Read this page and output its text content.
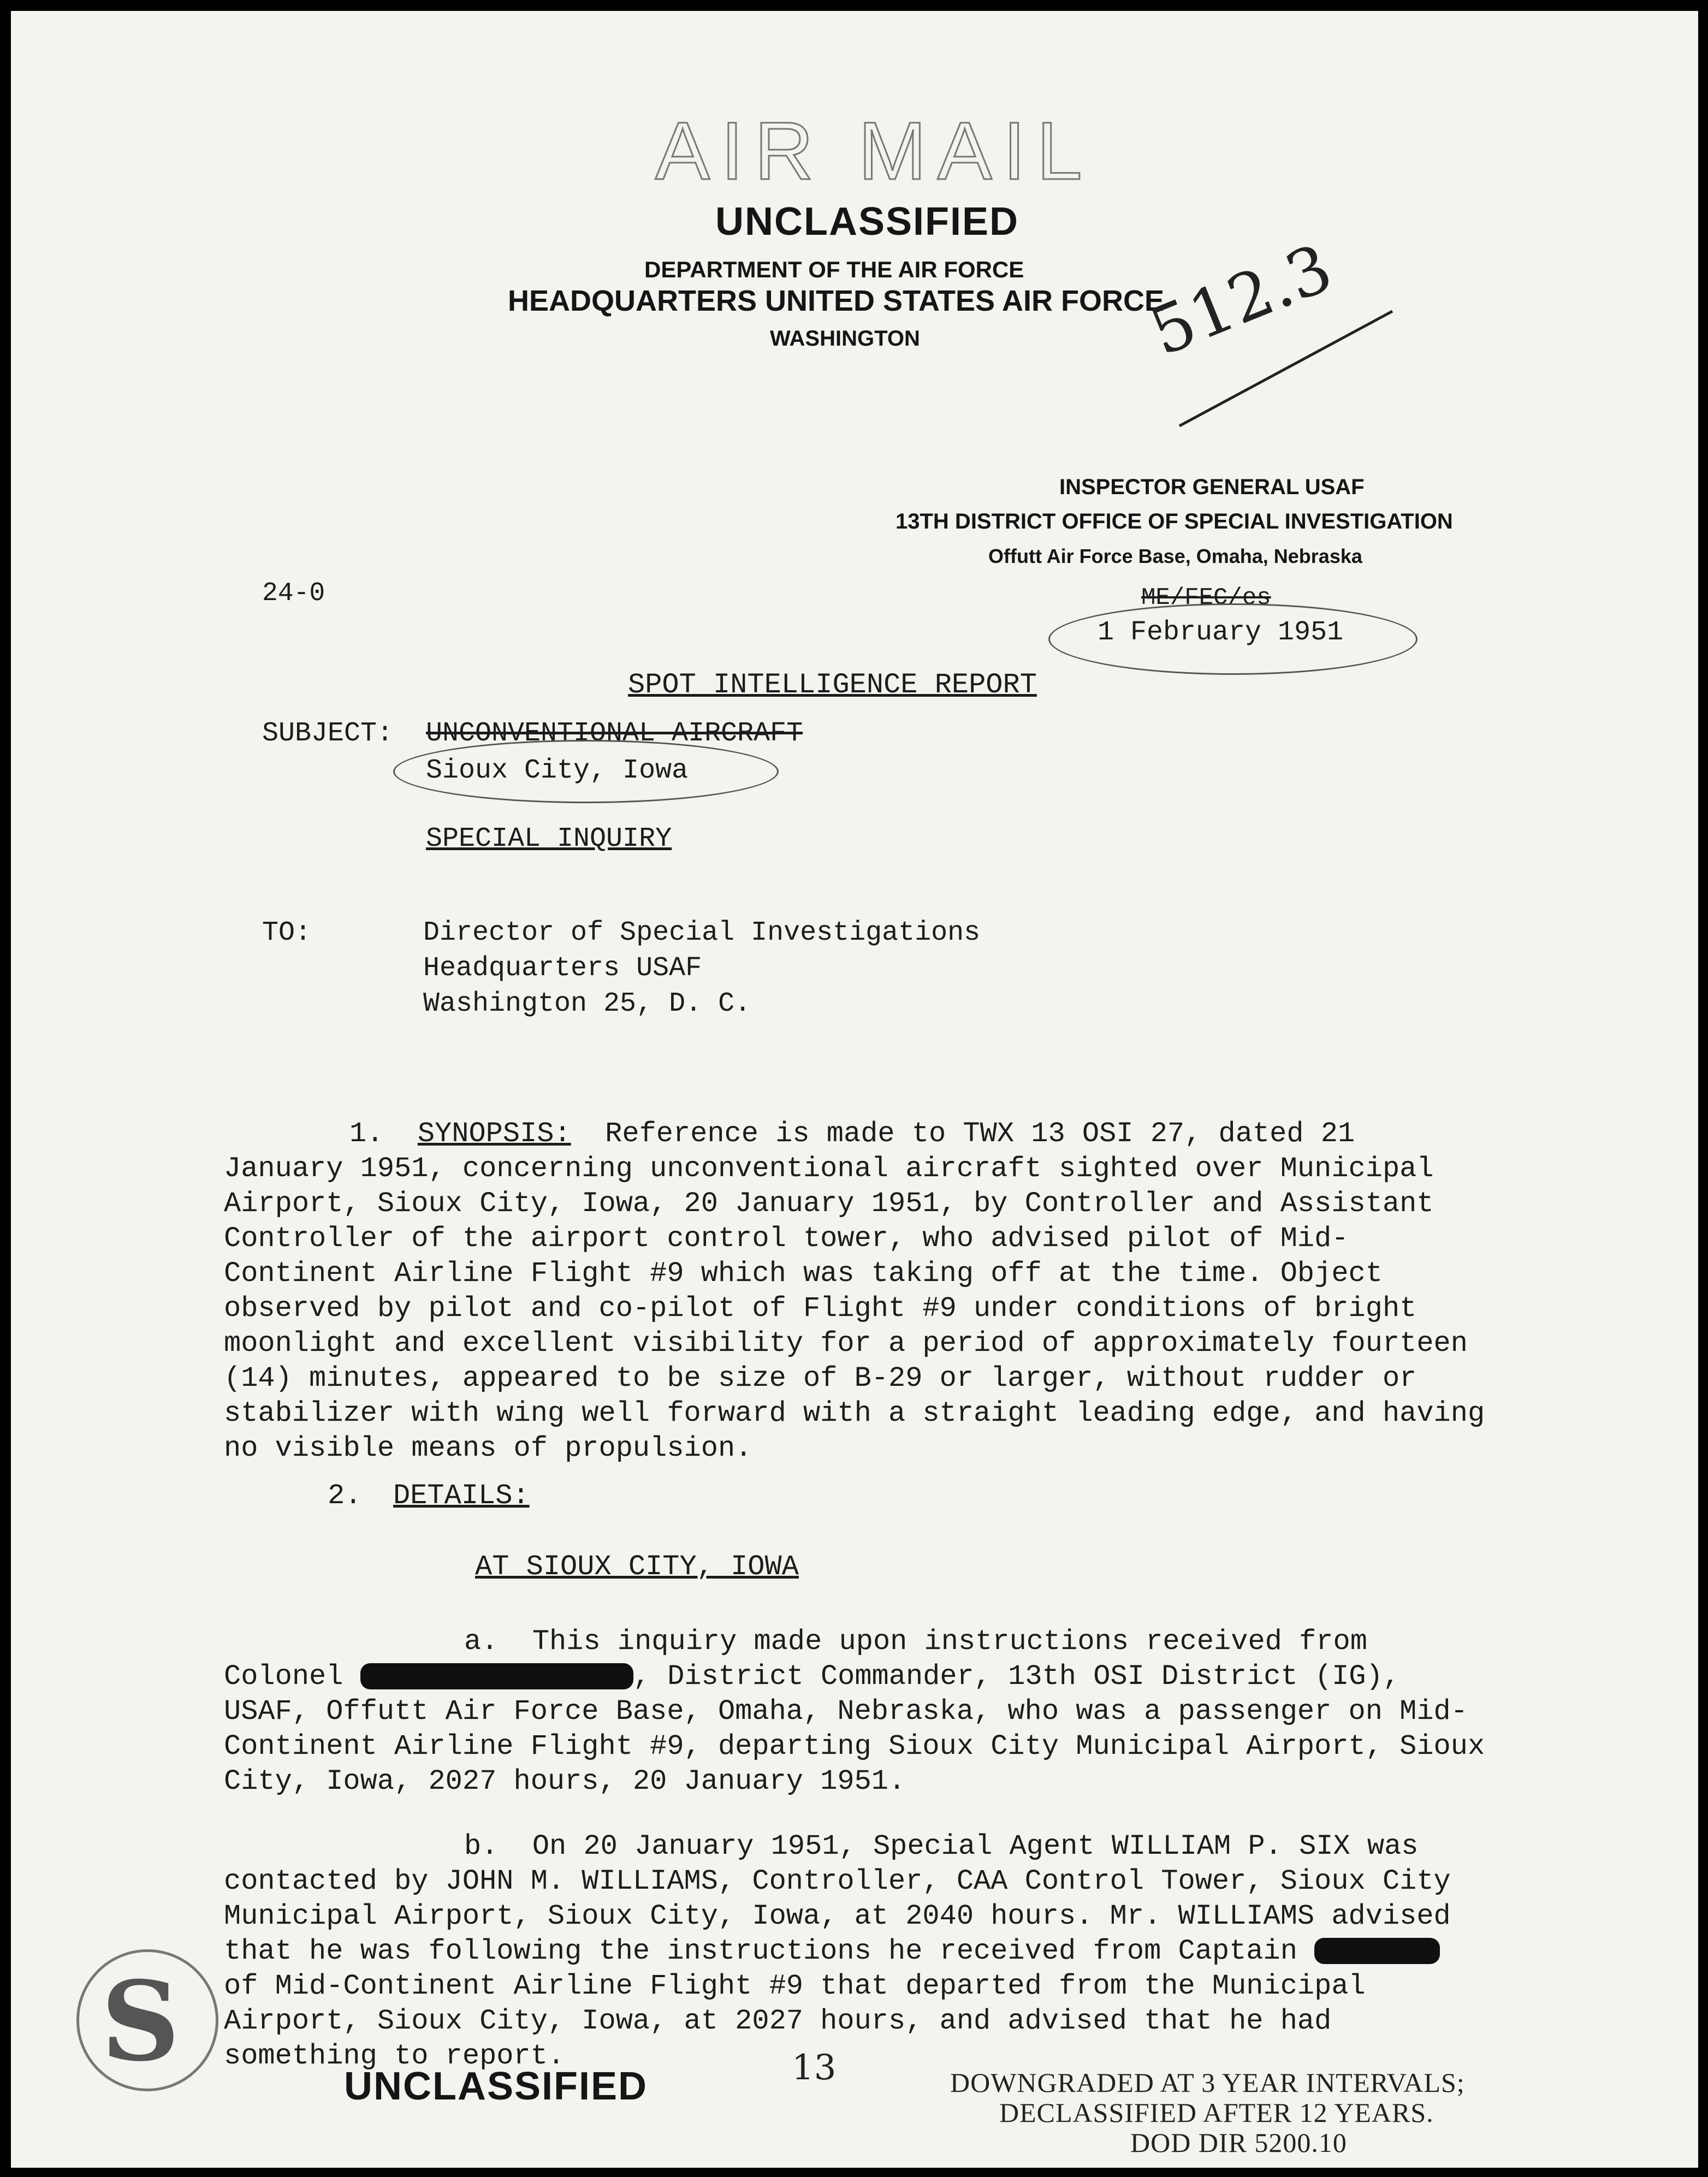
AIR MAIL
UNCLASSIFIED
DEPARTMENT OF THE AIR FORCE
HEADQUARTERS UNITED STATES AIR FORCE
WASHINGTON	512.3
INSPECTOR GENERAL USAF
13TH DISTRICT OFFICE OF SPECIAL INVESTIGATION
Offutt Air Force Base, Omaha, Nebraska
ME/FEC/es
1 February 1951
24-0
SPOT INTELLIGENCE REPORT
SUBJECT: UNCONVENTIONAL AIRCRAFT
Sioux City, Iowa
SPECIAL INQUIRY
TO:	Director of Special Investigations
Headquarters USAF
Washington 25, D. C.
1. SYNOPSIS: Reference is made to TWX 13 OSI 27, dated 21 January 1951, concerning unconventional aircraft sighted over Municipal Airport, Sioux City, Iowa, 20 January 1951, by Controller and Assistant Controller of the airport control tower, who advised pilot of Mid-Continent Airline Flight #9 which was taking off at the time. Object observed by pilot and co-pilot of Flight #9 under conditions of bright moonlight and excellent visibility for a period of approximately fourteen (14) minutes, appeared to be size of B-29 or larger, without rudder or stabilizer with wing well forward with a straight leading edge, and having no visible means of propulsion.
2. DETAILS:
AT SIOUX CITY, IOWA
a. This inquiry made upon instructions received from Colonel	, District Commander, 13th OSI District (IG), USAF, Offutt Air Force Base, Omaha, Nebraska, who was a passenger on Mid-Continent Airline Flight #9, departing Sioux City Municipal Airport, Sioux City, Iowa, 2027 hours, 20 January 1951.
b. On 20 January 1951, Special Agent WILLIAM P. SIX was contacted by JOHN M. WILLIAMS, Controller, CAA Control Tower, Sioux City Municipal Airport, Sioux City, Iowa, at 2040 hours. Mr. WILLIAMS advised that he was following the instructions he received from Captain  of Mid-Continent Airline Flight #9 that departed from the Municipal Airport, Sioux City, Iowa, at 2027 hours, and advised that he had something to report.
S
UNCLASSIFIED	13	DOWNGRADED AT 3 YEAR INTERVALS;
DECLASSIFIED AFTER 12 YEARS.
DOD DIR 5200.10
